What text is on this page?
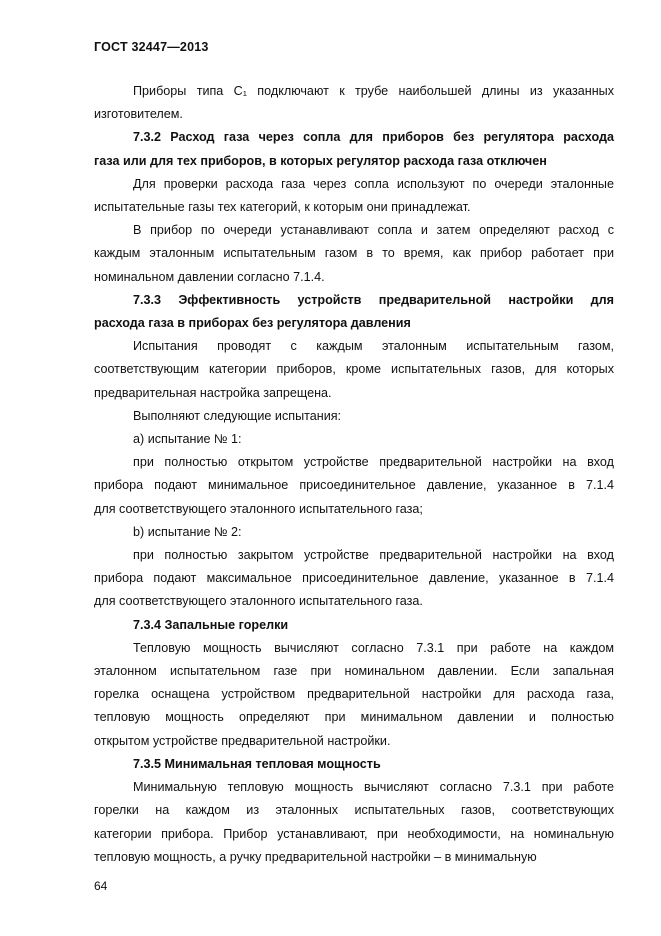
ГОСТ 32447—2013
Приборы типа C₁ подключают к трубе наибольшей длины из указанных
изготовителем.
7.3.2 Расход газа через сопла для приборов без регулятора расхода
газа или для тех приборов, в которых регулятор расхода газа отключен
Для проверки расхода газа через сопла используют по очереди эталонные
испытательные газы тех категорий, к которым они принадлежат.
В прибор по очереди устанавливают сопла и затем определяют расход с
каждым эталонным испытательным газом в то время, как прибор работает при
номинальном давлении согласно 7.1.4.
7.3.3 Эффективность устройств предварительной настройки для
расхода газа в приборах без регулятора давления
Испытания проводят с каждым эталонным испытательным газом,
соответствующим категории приборов, кроме испытательных газов, для которых
предварительная настройка запрещена.
Выполняют следующие испытания:
а) испытание № 1:
при полностью открытом устройстве предварительной настройки на вход
прибора подают минимальное присоединительное давление, указанное в 7.1.4
для соответствующего эталонного испытательного газа;
b) испытание № 2:
при полностью закрытом устройстве предварительной настройки на вход
прибора подают максимальное присоединительное давление, указанное в 7.1.4
для соответствующего эталонного испытательного газа.
7.3.4 Запальные горелки
Тепловую мощность вычисляют согласно 7.3.1 при работе на каждом
эталонном испытательном газе при номинальном давлении. Если запальная
горелка оснащена устройством предварительной настройки для расхода газа,
тепловую мощность определяют при минимальном давлении и полностью
открытом устройстве предварительной настройки.
7.3.5 Минимальная тепловая мощность
Минимальную тепловую мощность вычисляют согласно 7.3.1 при работе
горелки на каждом из эталонных испытательных газов, соответствующих
категории прибора. Прибор устанавливают, при необходимости, на номинальную
тепловую мощность, а ручку предварительной настройки – в минимальную
64
